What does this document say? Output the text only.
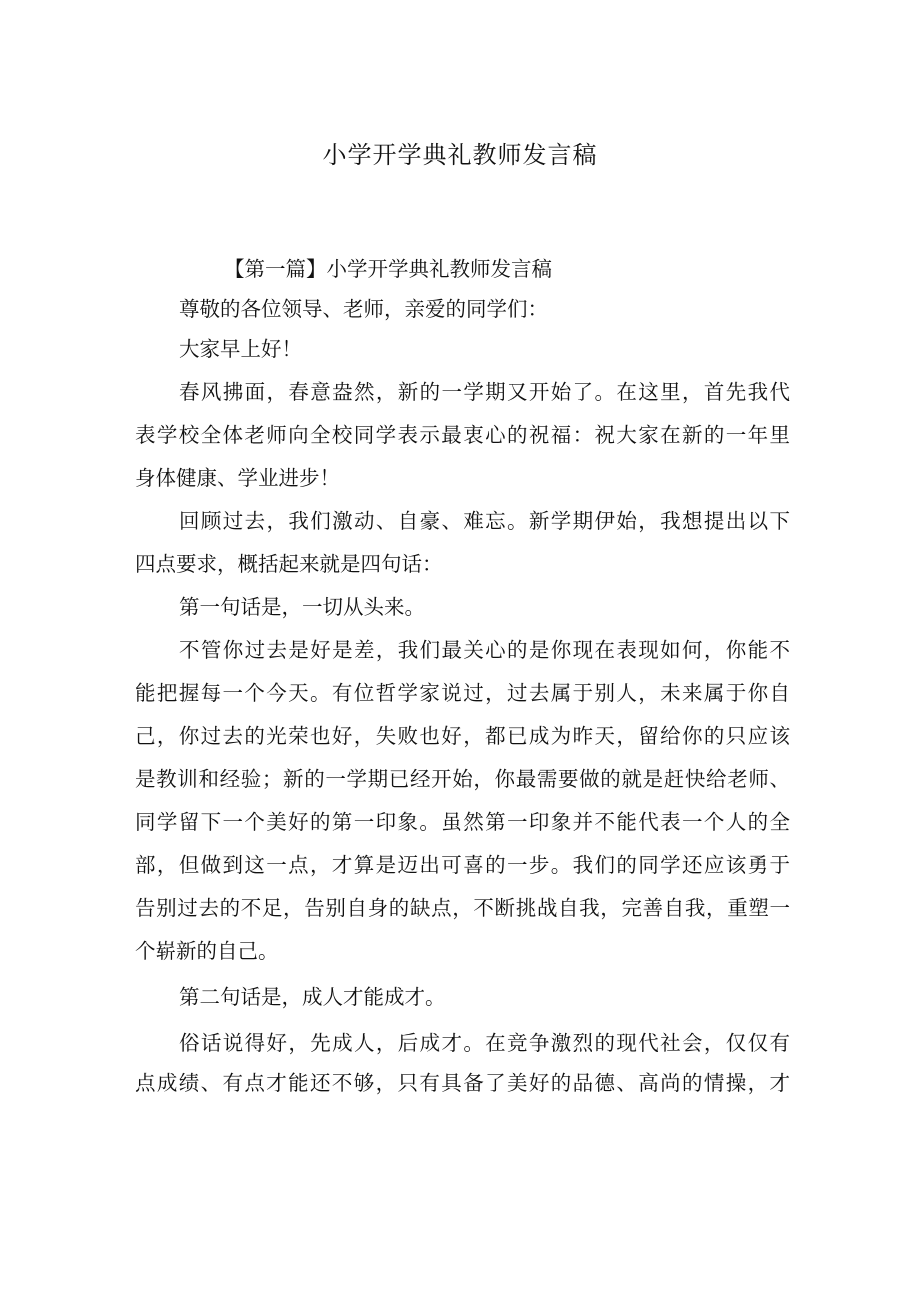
小学开学典礼教师发言稿
【第一篇】小学开学典礼教师发言稿
尊敬的各位领导、老师，亲爱的同学们：
大家早上好！
春风拂面，春意盎然，新的一学期又开始了。在这里，首先我代
表学校全体老师向全校同学表示最衷心的祝福：祝大家在新的一年里
身体健康、学业进步！
回顾过去，我们激动、自豪、难忘。新学期伊始，我想提出以下
四点要求，概括起来就是四句话：
第一句话是，一切从头来。
不管你过去是好是差，我们最关心的是你现在表现如何，你能不
能把握每一个今天。有位哲学家说过，过去属于别人，未来属于你自
己，你过去的光荣也好，失败也好，都已成为昨天，留给你的只应该
是教训和经验；新的一学期已经开始，你最需要做的就是赶快给老师、
同学留下一个美好的第一印象。虽然第一印象并不能代表一个人的全
部，但做到这一点，才算是迈出可喜的一步。我们的同学还应该勇于
告别过去的不足，告别自身的缺点，不断挑战自我，完善自我，重塑一
个崭新的自己。
第二句话是，成人才能成才。
俗话说得好，先成人，后成才。在竞争激烈的现代社会，仅仅有
点成绩、有点才能还不够，只有具备了美好的品德、高尚的情操，才
